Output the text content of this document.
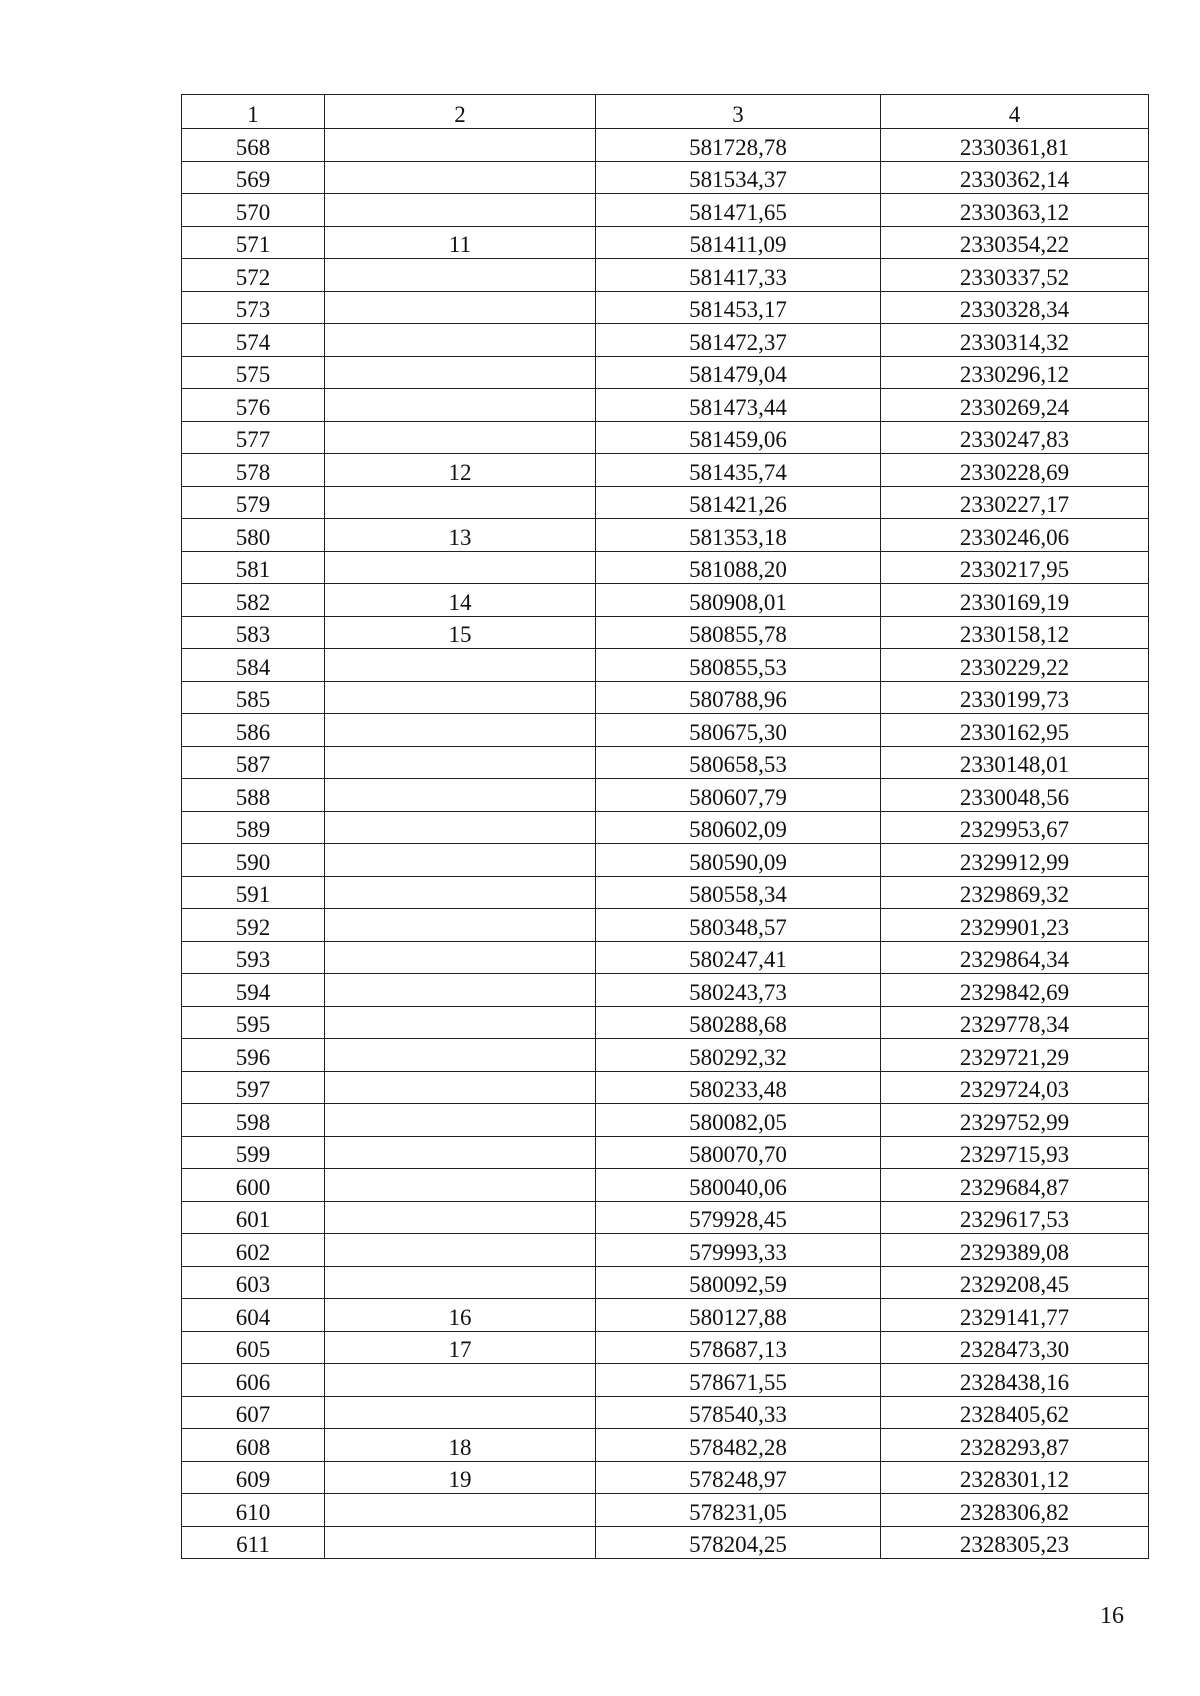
1	2	3	4
568		581728,78	2330361,81
569		581534,37	2330362,14
570		581471,65	2330363,12
571	11	581411,09	2330354,22
572		581417,33	2330337,52
573		581453,17	2330328,34
574		581472,37	2330314,32
575		581479,04	2330296,12
576		581473,44	2330269,24
577		581459,06	2330247,83
578	12	581435,74	2330228,69
579		581421,26	2330227,17
580	13	581353,18	2330246,06
581		581088,20	2330217,95
582	14	580908,01	2330169,19
583	15	580855,78	2330158,12
584		580855,53	2330229,22
585		580788,96	2330199,73
586		580675,30	2330162,95
587		580658,53	2330148,01
588		580607,79	2330048,56
589		580602,09	2329953,67
590		580590,09	2329912,99
591		580558,34	2329869,32
592		580348,57	2329901,23
593		580247,41	2329864,34
594		580243,73	2329842,69
595		580288,68	2329778,34
596		580292,32	2329721,29
597		580233,48	2329724,03
598		580082,05	2329752,99
599		580070,70	2329715,93
600		580040,06	2329684,87
601		579928,45	2329617,53
602		579993,33	2329389,08
603		580092,59	2329208,45
604	16	580127,88	2329141,77
605	17	578687,13	2328473,30
606		578671,55	2328438,16
607		578540,33	2328405,62
608	18	578482,28	2328293,87
609	19	578248,97	2328301,12
610		578231,05	2328306,82
611		578204,25	2328305,23
16
